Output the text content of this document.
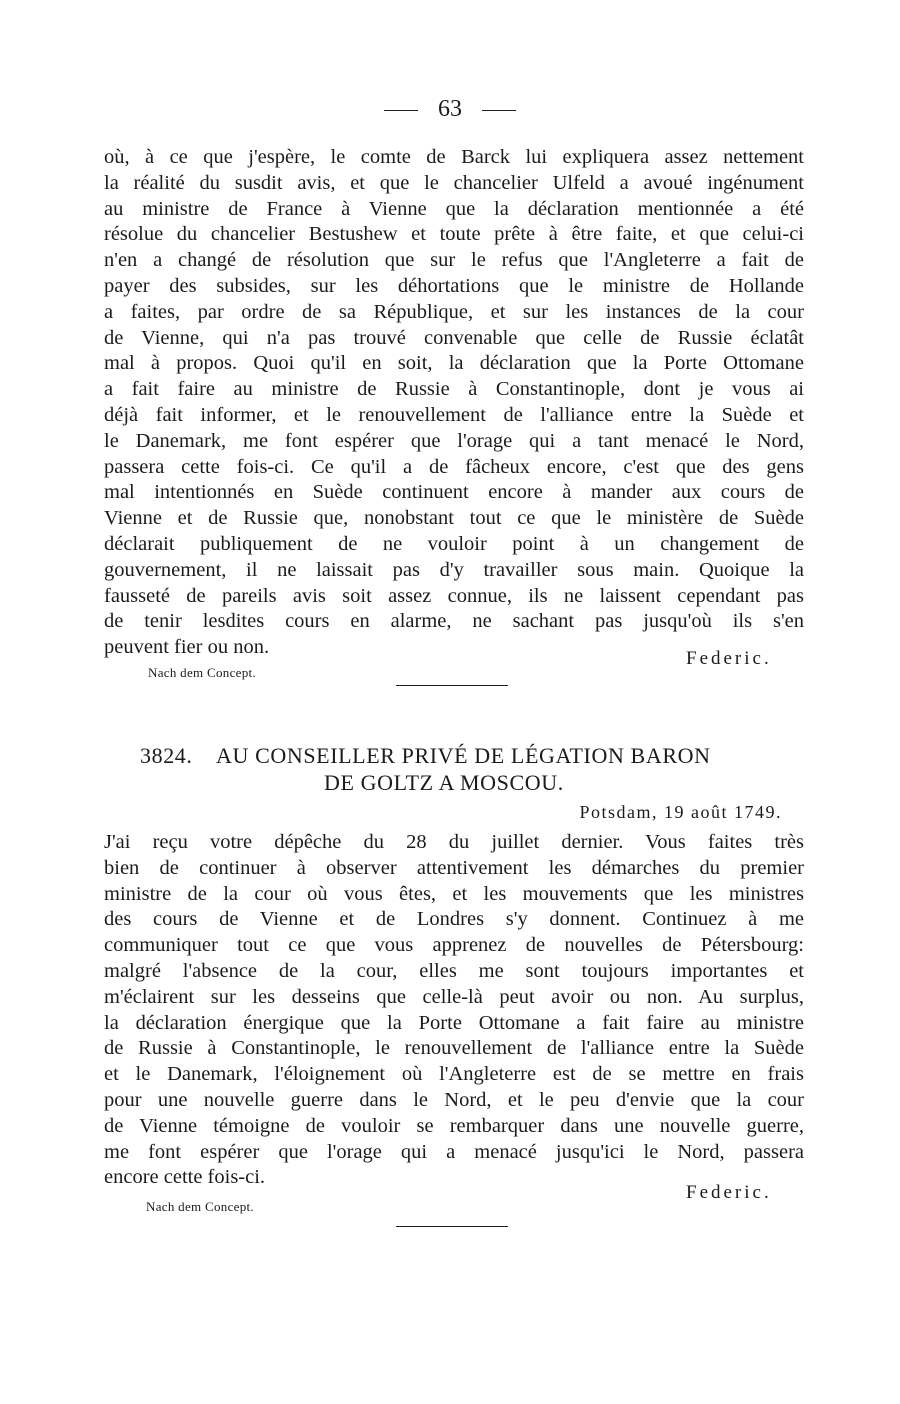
63
où, à ce que j'espère, le comte de Barck lui expliquera assez nettement
la réalité du susdit avis, et que le chancelier Ulfeld a avoué ingénument
au ministre de France à Vienne que la déclaration mentionnée a été
résolue du chancelier Bestushew et toute prête à être faite, et que celui-ci
n'en a changé de résolution que sur le refus que l'Angleterre a fait de
payer des subsides, sur les déhortations que le ministre de Hollande
a faites, par ordre de sa République, et sur les instances de la cour
de Vienne, qui n'a pas trouvé convenable que celle de Russie éclatât
mal à propos. Quoi qu'il en soit, la déclaration que la Porte Ottomane
a fait faire au ministre de Russie à Constantinople, dont je vous ai
déjà fait informer, et le renouvellement de l'alliance entre la Suède et
le Danemark, me font espérer que l'orage qui a tant menacé le Nord,
passera cette fois-ci. Ce qu'il a de fâcheux encore, c'est que des gens
mal intentionnés en Suède continuent encore à mander aux cours de
Vienne et de Russie que, nonobstant tout ce que le ministère de Suède
déclarait publiquement de ne vouloir point à un changement de
gouvernement, il ne laissait pas d'y travailler sous main. Quoique la
fausseté de pareils avis soit assez connue, ils ne laissent cependant pas
de tenir lesdites cours en alarme, ne sachant pas jusqu'où ils s'en
peuvent fier ou non.
Nach dem Concept.
Federic.
3824. AU CONSEILLER PRIVÉ DE LÉGATION BARON
DE GOLTZ A MOSCOU.
Potsdam, 19 août 1749.
J'ai reçu votre dépêche du 28 du juillet dernier. Vous faites très
bien de continuer à observer attentivement les démarches du premier
ministre de la cour où vous êtes, et les mouvements que les ministres
des cours de Vienne et de Londres s'y donnent. Continuez à me
communiquer tout ce que vous apprenez de nouvelles de Pétersbourg:
malgré l'absence de la cour, elles me sont toujours importantes et
m'éclairent sur les desseins que celle-là peut avoir ou non. Au surplus,
la déclaration énergique que la Porte Ottomane a fait faire au ministre
de Russie à Constantinople, le renouvellement de l'alliance entre la Suède
et le Danemark, l'éloignement où l'Angleterre est de se mettre en frais
pour une nouvelle guerre dans le Nord, et le peu d'envie que la cour
de Vienne témoigne de vouloir se rembarquer dans une nouvelle guerre,
me font espérer que l'orage qui a menacé jusqu'ici le Nord, passera
encore cette fois-ci.
Nach dem Concept.
Federic.
